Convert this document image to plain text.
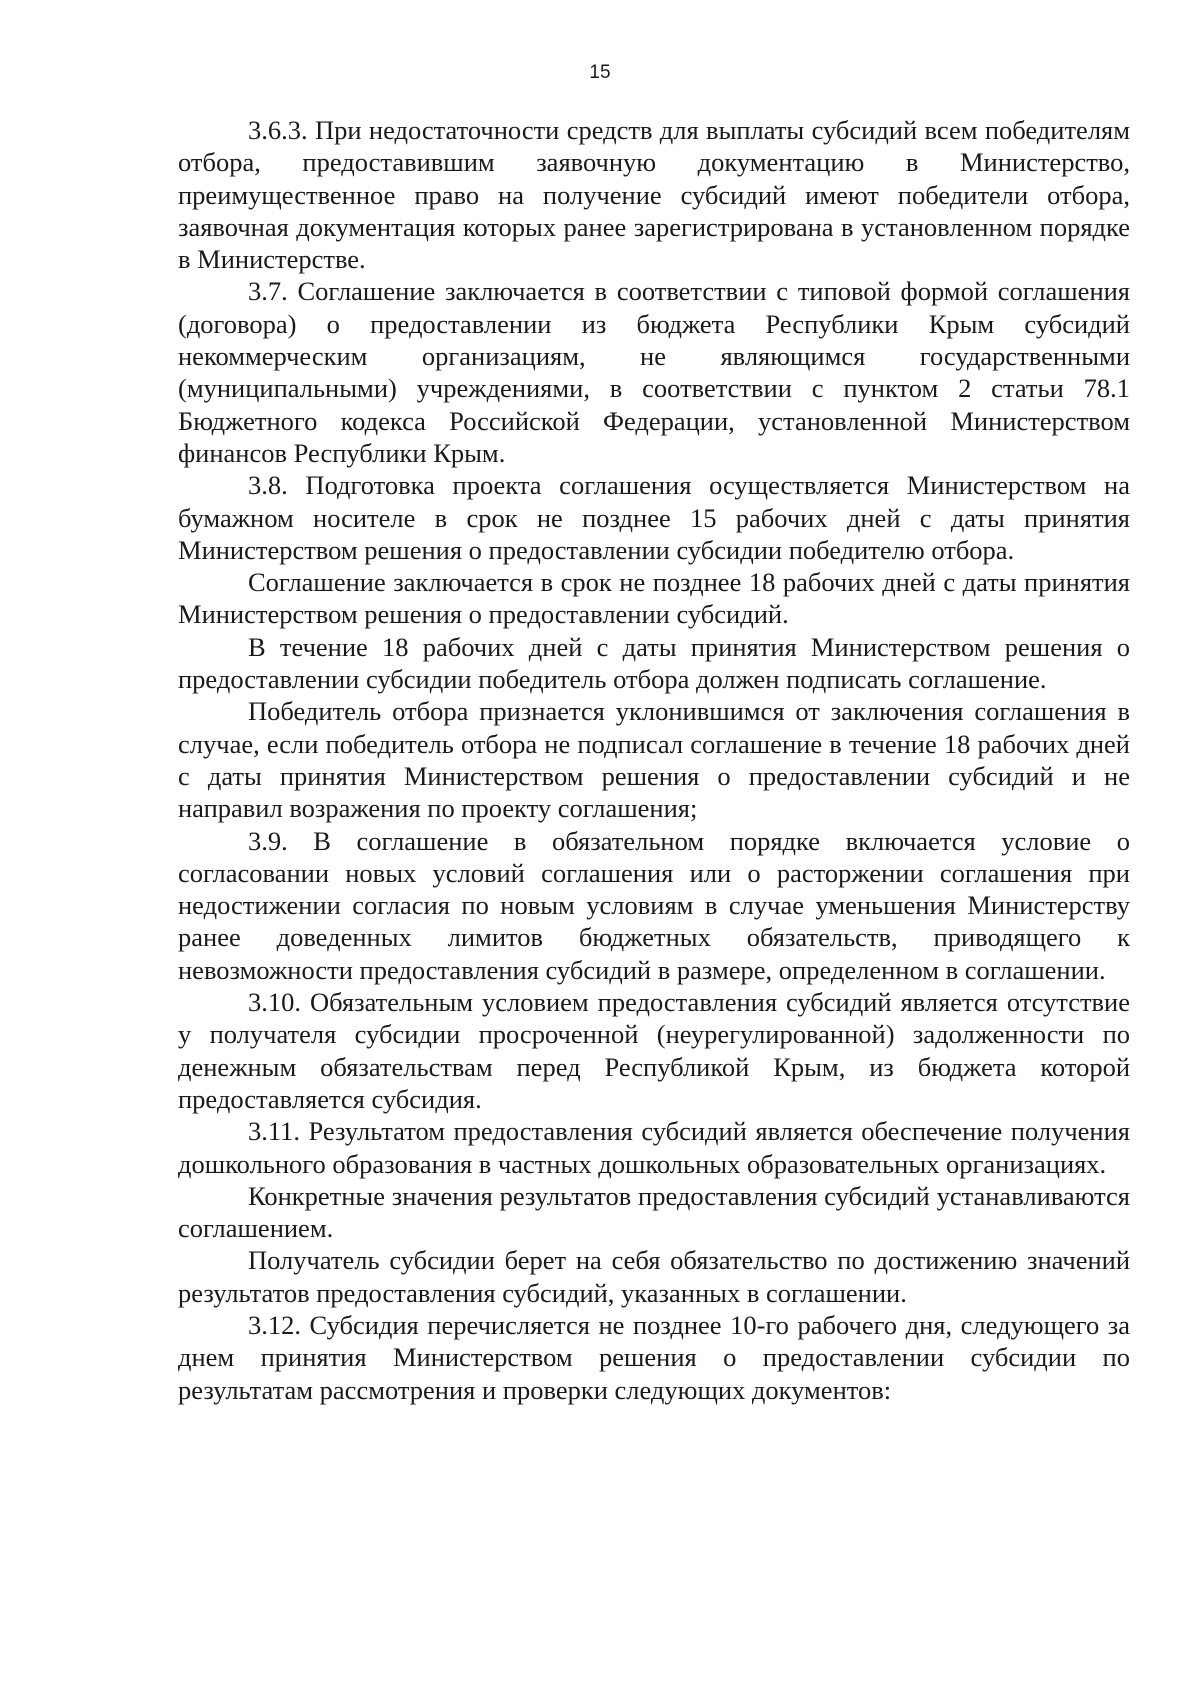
15

3.6.3. При недостаточности средств для выплаты субсидий всем победителям отбора, предоставившим заявочную документацию в Министерство, преимущественное право на получение субсидий имеют победители отбора, заявочная документация которых ранее зарегистрирована в установленном порядке в Министерстве.

3.7. Соглашение заключается в соответствии с типовой формой соглашения (договора) о предоставлении из бюджета Республики Крым субсидий некоммерческим организациям, не являющимся государственными (муниципальными) учреждениями, в соответствии с пунктом 2 статьи 78.1 Бюджетного кодекса Российской Федерации, установленной Министерством финансов Республики Крым.

3.8. Подготовка проекта соглашения осуществляется Министерством на бумажном носителе в срок не позднее 15 рабочих дней с даты принятия Министерством решения о предоставлении субсидии победителю отбора.

Соглашение заключается в срок не позднее 18 рабочих дней с даты принятия Министерством решения о предоставлении субсидий.

В течение 18 рабочих дней с даты принятия Министерством решения о предоставлении субсидии победитель отбора должен подписать соглашение.

Победитель отбора признается уклонившимся от заключения соглашения в случае, если победитель отбора не подписал соглашение в течение 18 рабочих дней с даты принятия Министерством решения о предоставлении субсидий и не направил возражения по проекту соглашения;

3.9. В соглашение в обязательном порядке включается условие о согласовании новых условий соглашения или о расторжении соглашения при недостижении согласия по новым условиям в случае уменьшения Министерству ранее доведенных лимитов бюджетных обязательств, приводящего к невозможности предоставления субсидий в размере, определенном в соглашении.

3.10. Обязательным условием предоставления субсидий является отсутствие у получателя субсидии просроченной (неурегулированной) задолженности по денежным обязательствам перед Республикой Крым, из бюджета которой предоставляется субсидия.

3.11. Результатом предоставления субсидий является обеспечение получения дошкольного образования в частных дошкольных образовательных организациях.

Конкретные значения результатов предоставления субсидий устанавливаются соглашением.

Получатель субсидии берет на себя обязательство по достижению значений результатов предоставления субсидий, указанных в соглашении.

3.12. Субсидия перечисляется не позднее 10-го рабочего дня, следующего за днем принятия Министерством решения о предоставлении субсидии по результатам рассмотрения и проверки следующих документов:
